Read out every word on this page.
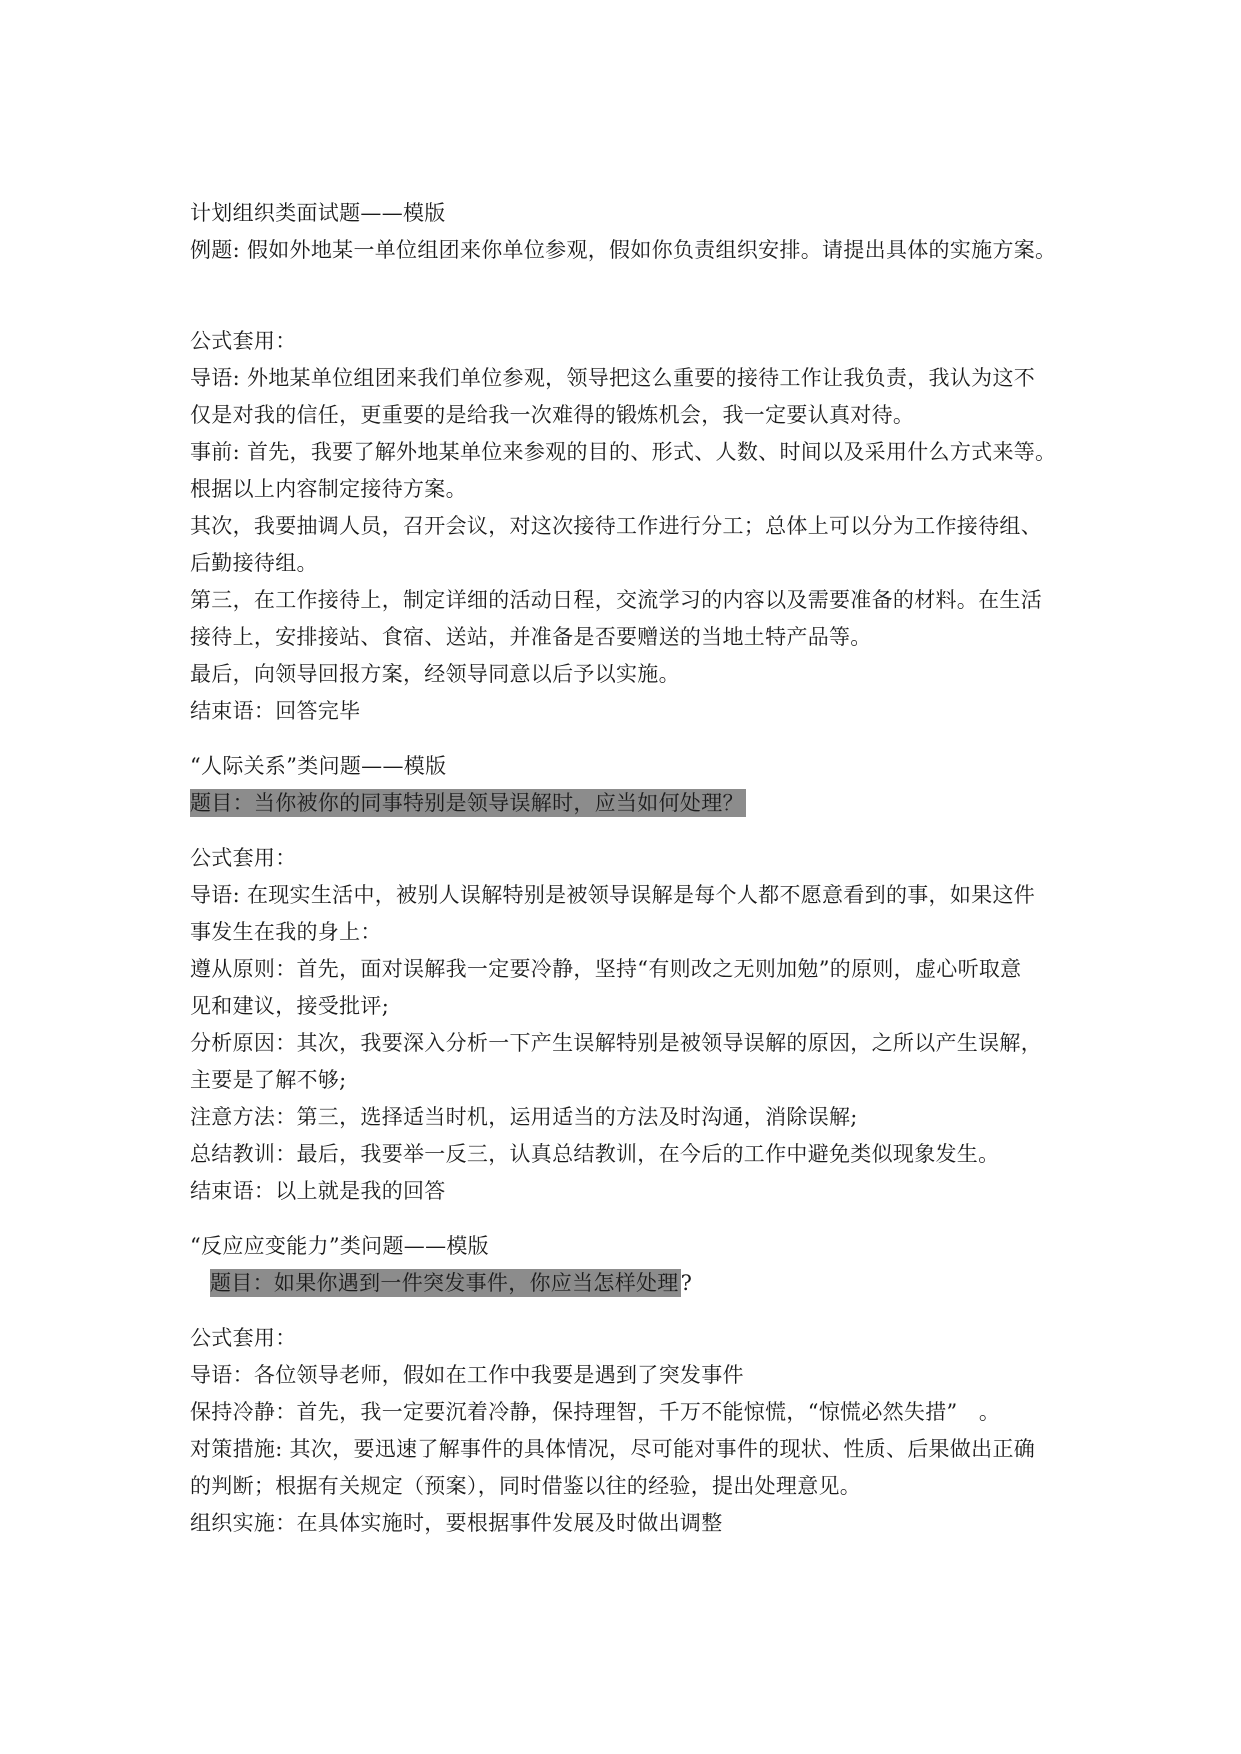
计划组织类面试题——模版
例题: 假如外地某一单位组团来你单位参观，假如你负责组织安排。请提出具体的实施方案。
公式套用：
导语: 外地某单位组团来我们单位参观，领导把这么重要的接待工作让我负责，我认为这不
仅是对我的信任，更重要的是给我一次难得的锻炼机会，我一定要认真对待。
事前: 首先，我要了解外地某单位来参观的目的、形式、人数、时间以及采用什么方式来等。
根据以上内容制定接待方案。
其次，我要抽调人员，召开会议，对这次接待工作进行分工；总体上可以分为工作接待组、
后勤接待组。
第三，在工作接待上，制定详细的活动日程，交流学习的内容以及需要准备的材料。在生活
接待上，安排接站、食宿、送站，并准备是否要赠送的当地土特产品等。
最后，向领导回报方案，经领导同意以后予以实施。
结束语：回答完毕
“人际关系”类问题——模版
题目：当你被你的同事特别是领导误解时，应当如何处理？
公式套用：
导语: 在现实生活中，被别人误解特别是被领导误解是每个人都不愿意看到的事，如果这件
事发生在我的身上：
遵从原则：首先，面对误解我一定要冷静，坚持“有则改之无则加勉”的原则，虚心听取意
见和建议，接受批评;
分析原因：其次，我要深入分析一下产生误解特别是被领导误解的原因，之所以产生误解，
主要是了解不够;
注意方法：第三，选择适当时机，运用适当的方法及时沟通，消除误解;
总结教训：最后，我要举一反三，认真总结教训，在今后的工作中避免类似现象发生。
结束语：以上就是我的回答
“反应应变能力”类问题——模版
题目：如果你遇到一件突发事件，你应当怎样处理?
公式套用：
导语：各位领导老师，假如在工作中我要是遇到了突发事件
保持冷静：首先，我一定要沉着冷静，保持理智，千万不能惊慌，“惊慌必然失措”　。
对策措施: 其次，要迅速了解事件的具体情况，尽可能对事件的现状、性质、后果做出正确
的判断；根据有关规定（预案），同时借鉴以往的经验，提出处理意见。
组织实施：在具体实施时，要根据事件发展及时做出调整
